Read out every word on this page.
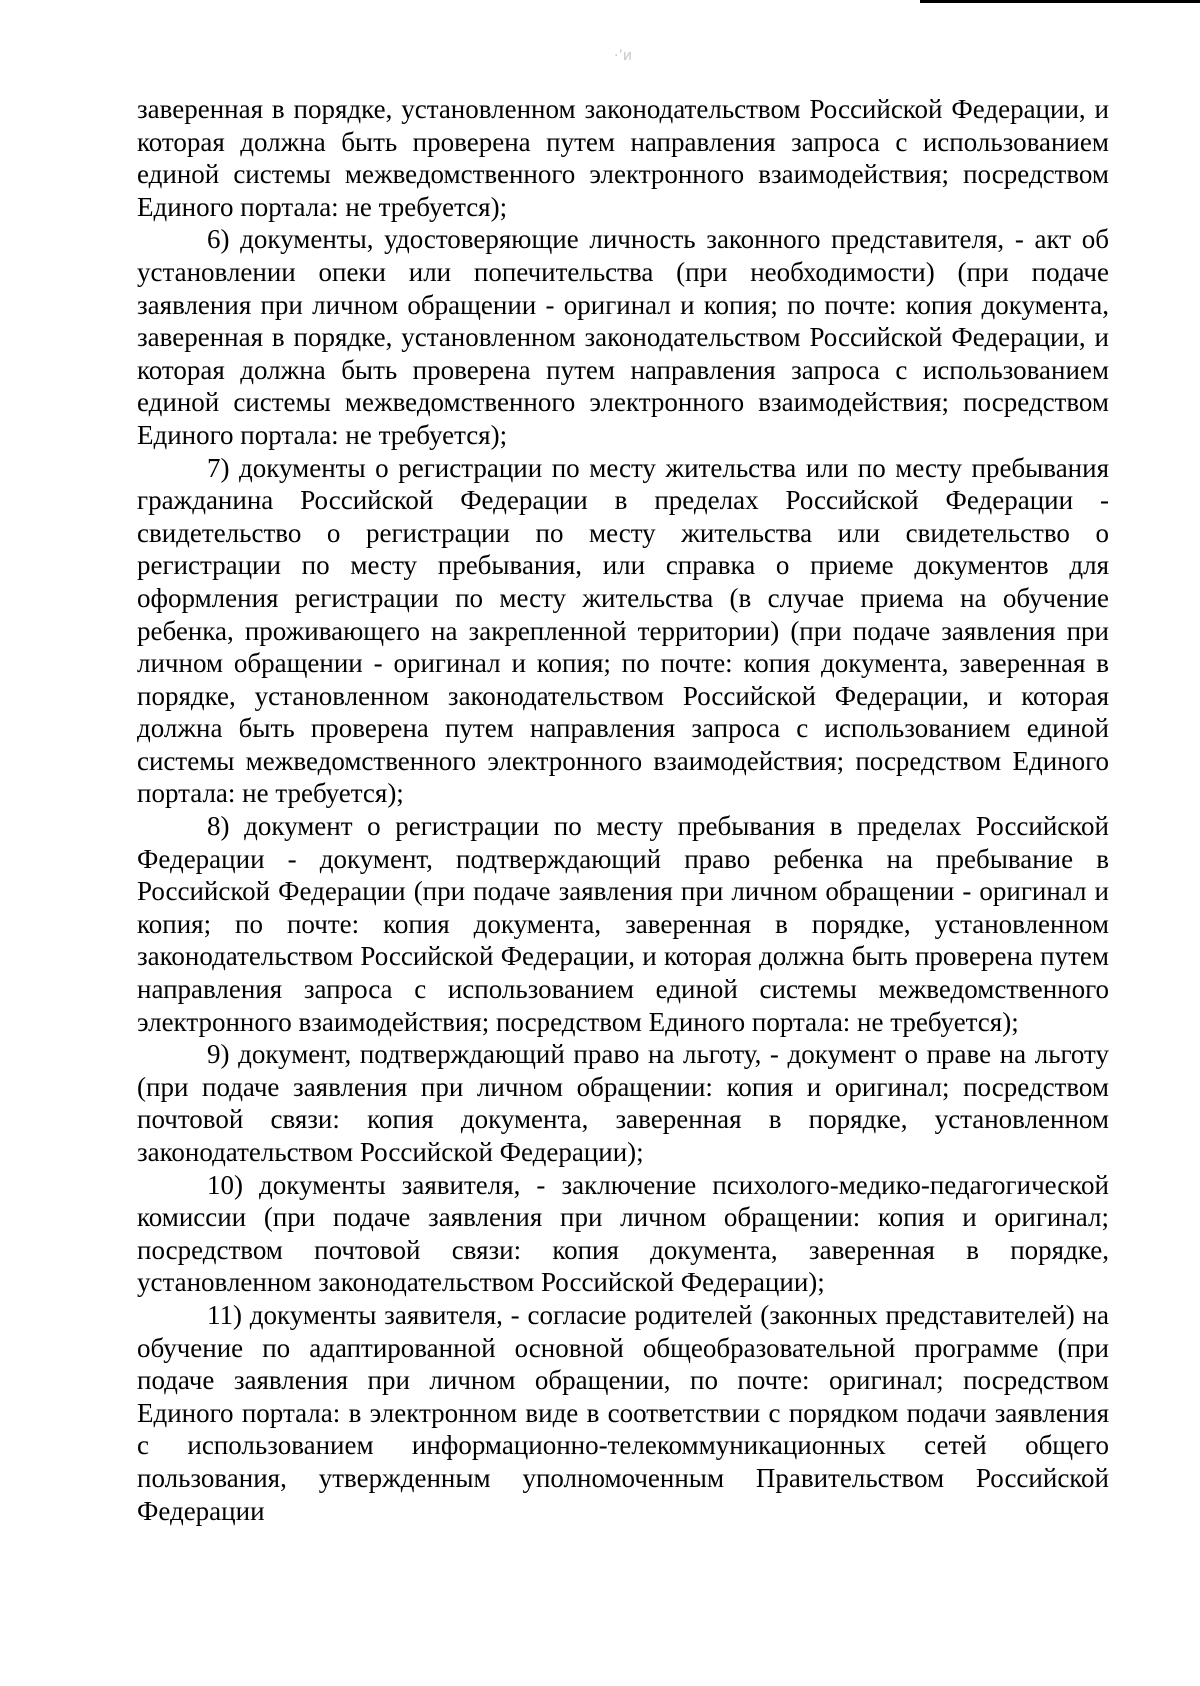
·’и

заверенная в порядке, установленном законодательством Российской Федерации, и которая должна быть проверена путем направления запроса с использованием единой системы межведомственного электронного взаимодействия; посредством Единого портала: не требуется);

6) документы, удостоверяющие личность законного представителя, - акт об установлении опеки или попечительства (при необходимости) (при подаче заявления при личном обращении - оригинал и копия; по почте: копия документа, заверенная в порядке, установленном законодательством Российской Федерации, и которая должна быть проверена путем направления запроса с использованием единой системы межведомственного электронного взаимодействия; посредством Единого портала: не требуется);

7) документы о регистрации по месту жительства или по месту пребывания гражданина Российской Федерации в пределах Российской Федерации - свидетельство о регистрации по месту жительства или свидетельство о регистрации по месту пребывания, или справка о приеме документов для оформления регистрации по месту жительства (в случае приема на обучение ребенка, проживающего на закрепленной территории) (при подаче заявления при личном обращении - оригинал и копия; по почте: копия документа, заверенная в порядке, установленном законодательством Российской Федерации, и которая должна быть проверена путем направления запроса с использованием единой системы межведомственного электронного взаимодействия; посредством Единого портала: не требуется);

8) документ о регистрации по месту пребывания в пределах Российской Федерации - документ, подтверждающий право ребенка на пребывание в Российской Федерации (при подаче заявления при личном обращении - оригинал и копия; по почте: копия документа, заверенная в порядке, установленном законодательством Российской Федерации, и которая должна быть проверена путем направления запроса с использованием единой системы межведомственного электронного взаимодействия; посредством Единого портала: не требуется);

9) документ, подтверждающий право на льготу, - документ о праве на льготу (при подаче заявления при личном обращении: копия и оригинал; посредством почтовой связи: копия документа, заверенная в порядке, установленном законодательством Российской Федерации);

10) документы заявителя, - заключение психолого-медико-педагогической комиссии (при подаче заявления при личном обращении: копия и оригинал; посредством почтовой связи: копия документа, заверенная в порядке, установленном законодательством Российской Федерации);

11) документы заявителя, - согласие родителей (законных представителей) на обучение по адаптированной основной общеобразовательной программе (при подаче заявления при личном обращении, по почте: оригинал; посредством Единого портала: в электронном виде в соответствии с порядком подачи заявления с использованием информационно-телекоммуникационных сетей общего пользования, утвержденным уполномоченным Правительством Российской Федерации
